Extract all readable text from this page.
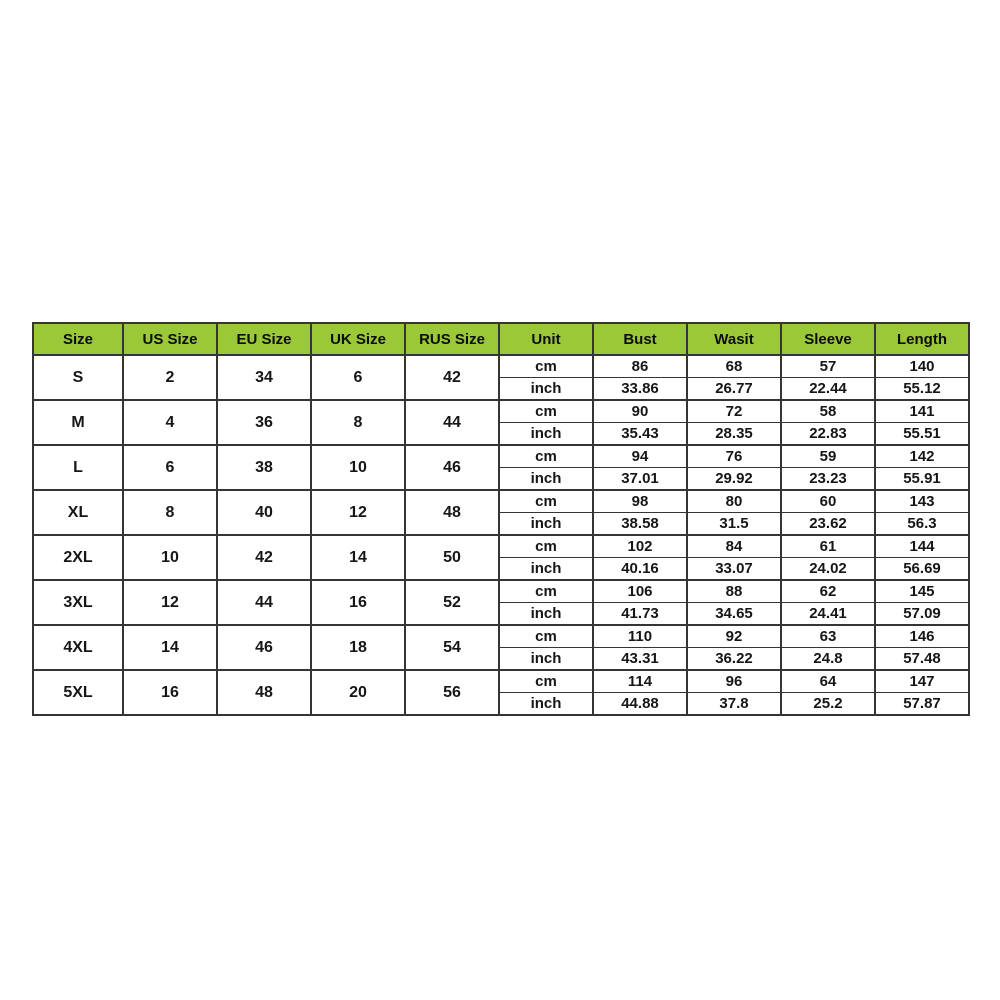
Size	US Size	EU Size	UK Size	RUS Size	Unit	Bust	Wasit	Sleeve	Length
S	2	34	6	42	cm	86	68	57	140
					inch	33.86	26.77	22.44	55.12
M	4	36	8	44	cm	90	72	58	141
					inch	35.43	28.35	22.83	55.51
L	6	38	10	46	cm	94	76	59	142
					inch	37.01	29.92	23.23	55.91
XL	8	40	12	48	cm	98	80	60	143
					inch	38.58	31.5	23.62	56.3
2XL	10	42	14	50	cm	102	84	61	144
					inch	40.16	33.07	24.02	56.69
3XL	12	44	16	52	cm	106	88	62	145
					inch	41.73	34.65	24.41	57.09
4XL	14	46	18	54	cm	110	92	63	146
					inch	43.31	36.22	24.8	57.48
5XL	16	48	20	56	cm	114	96	64	147
					inch	44.88	37.8	25.2	57.87
